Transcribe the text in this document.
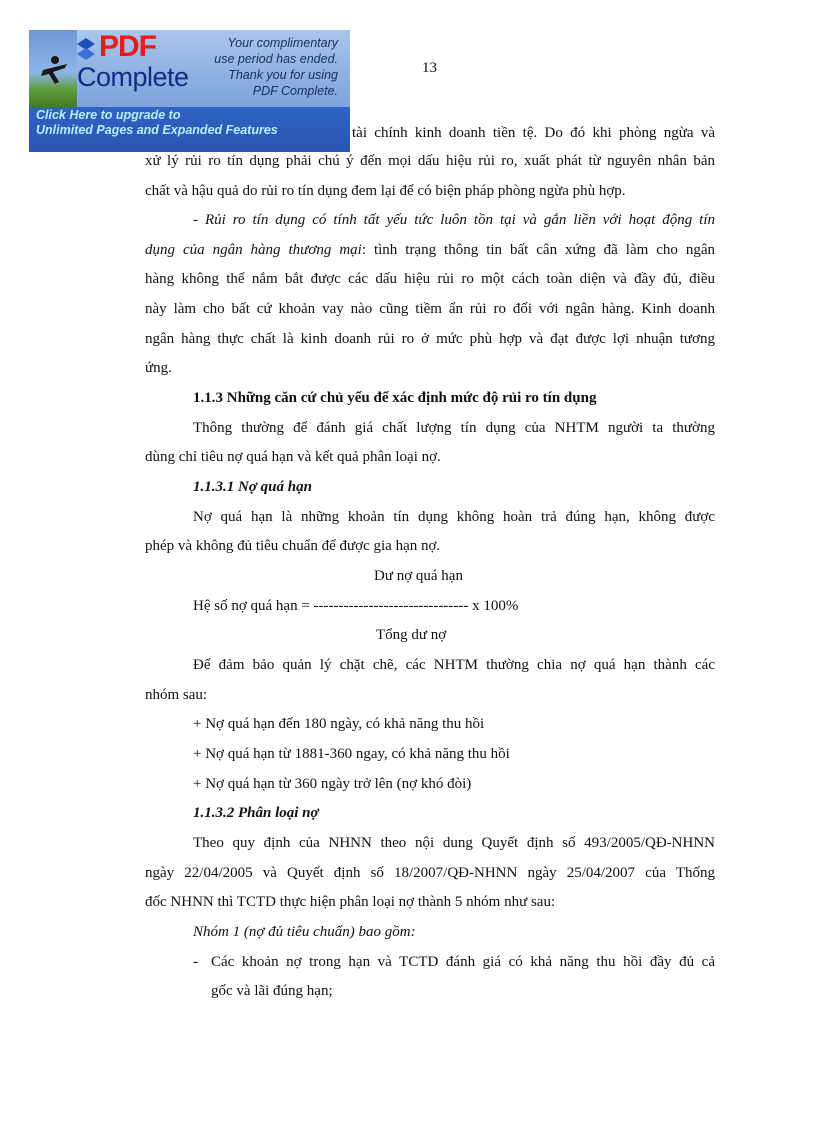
13
PDF
Complete
Your complimentary
use period has ended.
Thank you for using
PDF Complete.
Click Here to upgrade to
Unlimited Pages and Expanded Features	tài chính kinh doanh tiền tệ. Do đó khi phòng ngừa và
xử lý rủi ro tín dụng phải chú ý đến mọi dấu hiệu rủi ro, xuất phát từ nguyên nhân bản
chất và hậu quả do rủi ro tín dụng đem lại để có biện pháp phòng ngừa phù hợp.
- Rủi ro tín dụng có tính tất yếu tức luôn tồn tại và gắn liền với hoạt động tín
dụng của ngân hàng thương mại: tình trạng thông tin bất cân xứng đã làm cho ngân
hàng không thể nắm bắt được các dấu hiệu rủi ro một cách toàn diện và đầy đủ, điều
này làm cho bất cứ khoản vay nào cũng tiềm ẩn rủi ro đối với ngân hàng. Kinh doanh
ngân hàng thực chất là kinh doanh rủi ro ở mức phù hợp và đạt được lợi nhuận tương
ứng.
1.1.3 Những căn cứ chủ yếu để xác định mức độ rủi ro tín dụng
Thông thường để đánh giá chất lượng tín dụng của NHTM người ta thường
dùng chỉ tiêu nợ quá hạn và kết quả phân loại nợ.
1.1.3.1 Nợ quá hạn
Nợ quá hạn là những khoản tín dụng không hoàn trả đúng hạn, không được
phép và không đủ tiêu chuẩn để được gia hạn nợ.
Dư nợ quá hạn
Hệ số nợ quá hạn = ------------------------------- x 100%
Tổng dư nợ
Để đảm bảo quản lý chặt chẽ, các NHTM thường chia nợ quá hạn thành các
nhóm sau:
+ Nợ quá hạn đến 180 ngày, có khả năng thu hồi
+ Nợ quá hạn từ 1881-360 ngay, có khả năng thu hồi
+ Nợ quá hạn từ 360 ngày trở lên (nợ khó đòi)
1.1.3.2 Phân loại nợ
Theo quy định của NHNN theo nội dung Quyết định số 493/2005/QĐ-NHNN
ngày 22/04/2005 và Quyết định số 18/2007/QĐ-NHNN ngày 25/04/2007 của Thống
đốc NHNN thì TCTD thực hiện phân loại nợ thành 5 nhóm như sau:
Nhóm 1 (nợ đủ tiêu chuẩn) bao gồm:
- Các khoản nợ trong hạn và TCTD đánh giá có khả năng thu hồi đầy đủ cả
gốc và lãi đúng hạn;
